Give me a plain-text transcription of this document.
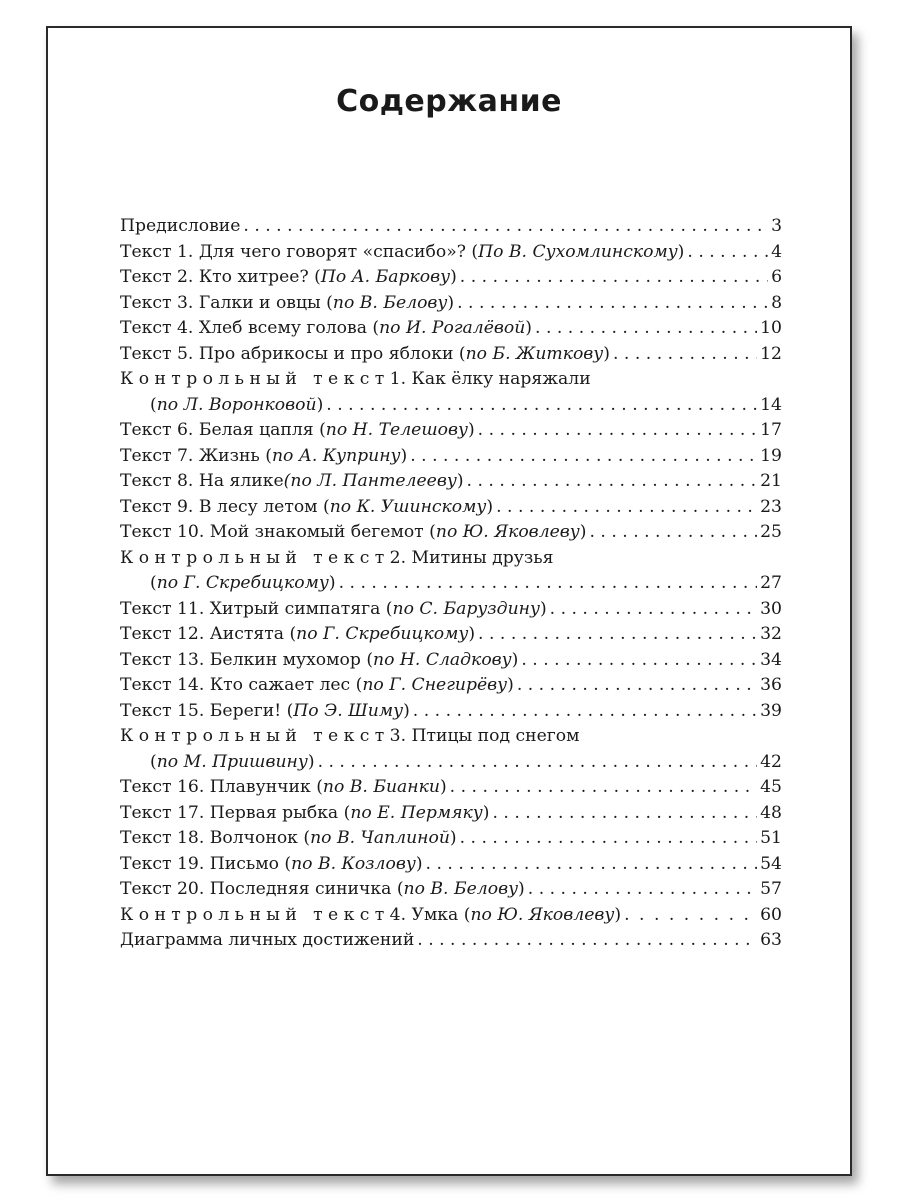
Содержание
Предисловие . . .	3
Текст 1. Для чего говорят «спасибо»? ( По В. Сухомлинскому ) . . .	4
Текст 2. Кто хитрее? ( По А. Баркову ) . . .	6
Текст 3. Галки и овцы ( по В. Белову ) . . .	8
Текст 4. Хлеб всему голова ( по И. Рогалёвой ) . . .	10
Текст 5. Про абрикосы и про яблоки ( по Б. Житкову ) . . .	12
Контрольный текст 1. Как ёлку наряжали
( по Л. Воронковой ) . . .	14
Текст 6. Белая цапля ( по Н. Телешову ) . . .	17
Текст 7. Жизнь ( по А. Куприну ) . . .	19
Текст 8. На ялике (по Л. Пантелееву ) . . .	21
Текст 9. В лесу летом ( по К. Ушинскому ) . . .	23
Текст 10. Мой знакомый бегемот ( по Ю. Яковлеву ) . . .	25
Контрольный текст 2. Митины друзья
( по Г. Скребицкому ) . . .	27
Текст 11. Хитрый симпатяга ( по С. Баруздину ) . . .	30
Текст 12. Аистята ( по Г. Скребицкому ) . . .	32
Текст 13. Белкин мухомор ( по Н. Сладкову ) . . .	34
Текст 14. Кто сажает лес ( по Г. Снегирёву ) . . .	36
Текст 15. Береги! ( По Э. Шиму ) . . .	39
Контрольный текст 3. Птицы под снегом
( по М. Пришвину ) . . .	42
Текст 16. Плавунчик ( по В. Бианки ) . . .	45
Текст 17. Первая рыбка ( по Е. Пермяку ) . . .	48
Текст 18. Волчонок ( по В. Чаплиной ) . . .	51
Текст 19. Письмо ( по В. Козлову ) . . .	54
Текст 20. Последняя синичка ( по В. Белову ) . . .	57
Контрольный текст 4. Умка ( по Ю. Яковлеву ) . . .	60
Диаграмма личных достижений . . .	63
